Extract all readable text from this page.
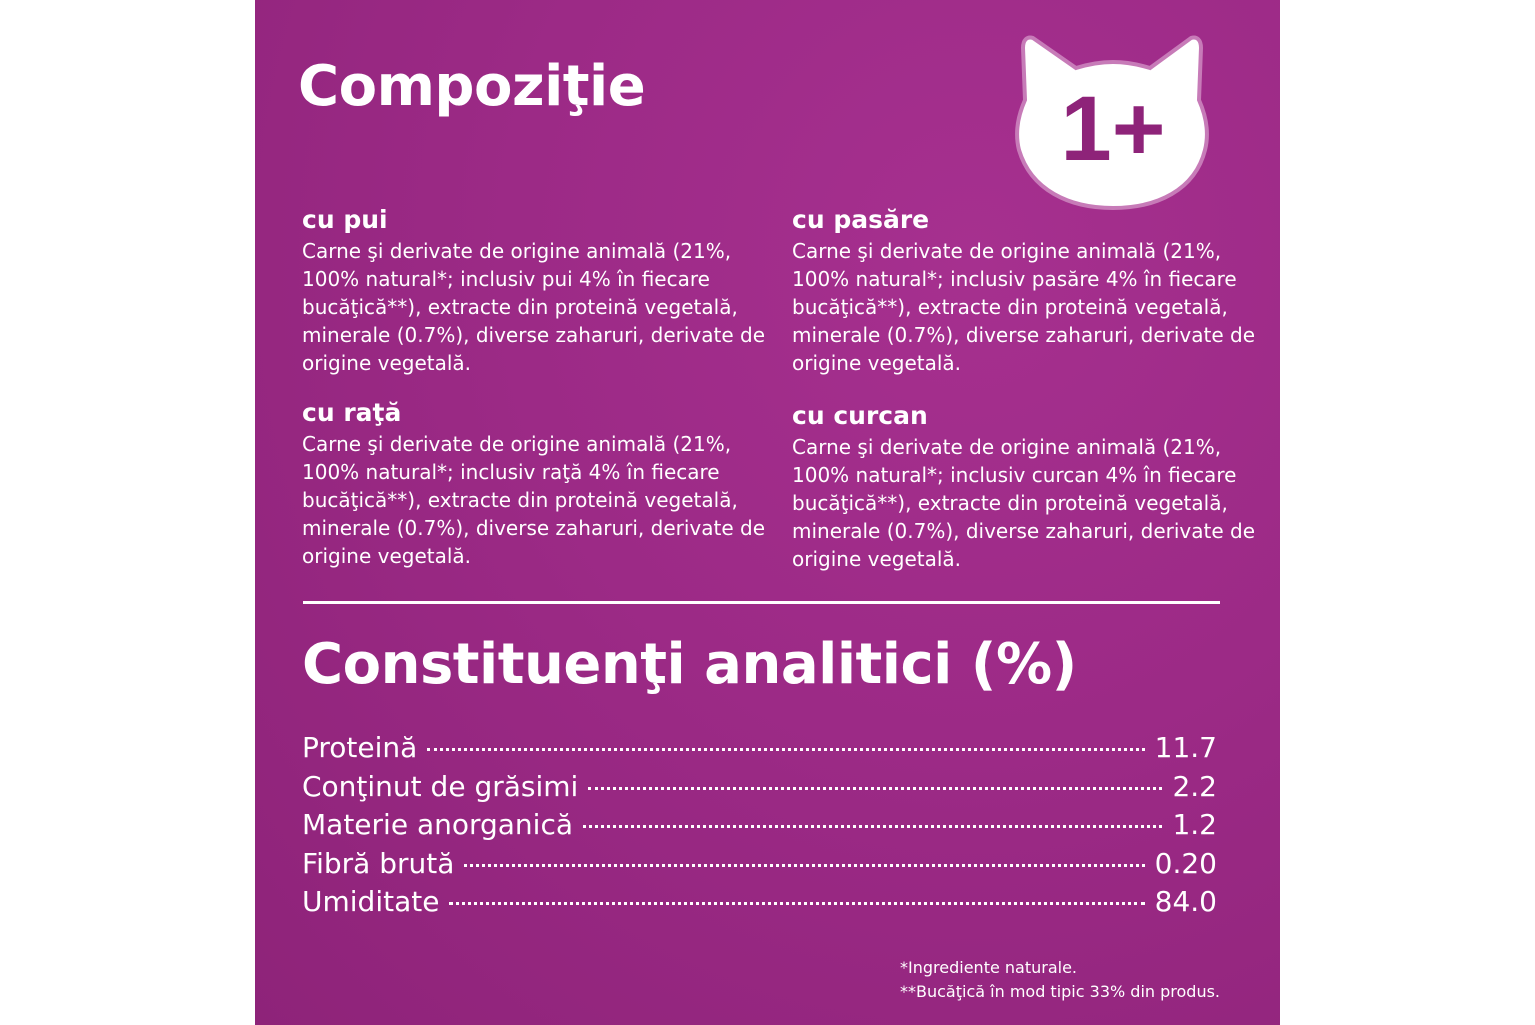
Compoziţie	1+
cu pui

Carne şi derivate de origine animală (21%, 100% natural*; inclusiv pui 4% în fiecare bucăţică**), extracte din proteină vegetală, minerale (0.7%), diverse zaharuri, derivate de origine vegetală.

cu pasăre

Carne şi derivate de origine animală (21%, 100% natural*; inclusiv pasăre 4% în fiecare bucăţică**), extracte din proteină vegetală, minerale (0.7%), diverse zaharuri, derivate de origine vegetală.

cu raţă

Carne şi derivate de origine animală (21%, 100% natural*; inclusiv raţă 4% în fiecare bucăţică**), extracte din proteină vegetală, minerale (0.7%), diverse zaharuri, derivate de origine vegetală.

cu curcan

Carne şi derivate de origine animală (21%, 100% natural*; inclusiv curcan 4% în fiecare bucăţică**), extracte din proteină vegetală, minerale (0.7%), diverse zaharuri, derivate de origine vegetală.

Constituenţi analitici (%)
Proteină	11.7
Conţinut de grăsimi	2.2
Materie anorganică	1.2
Fibră brută	0.20
Umiditate	84.0
*Ingrediente naturale.
**Bucăţică în mod tipic 33% din produs.
